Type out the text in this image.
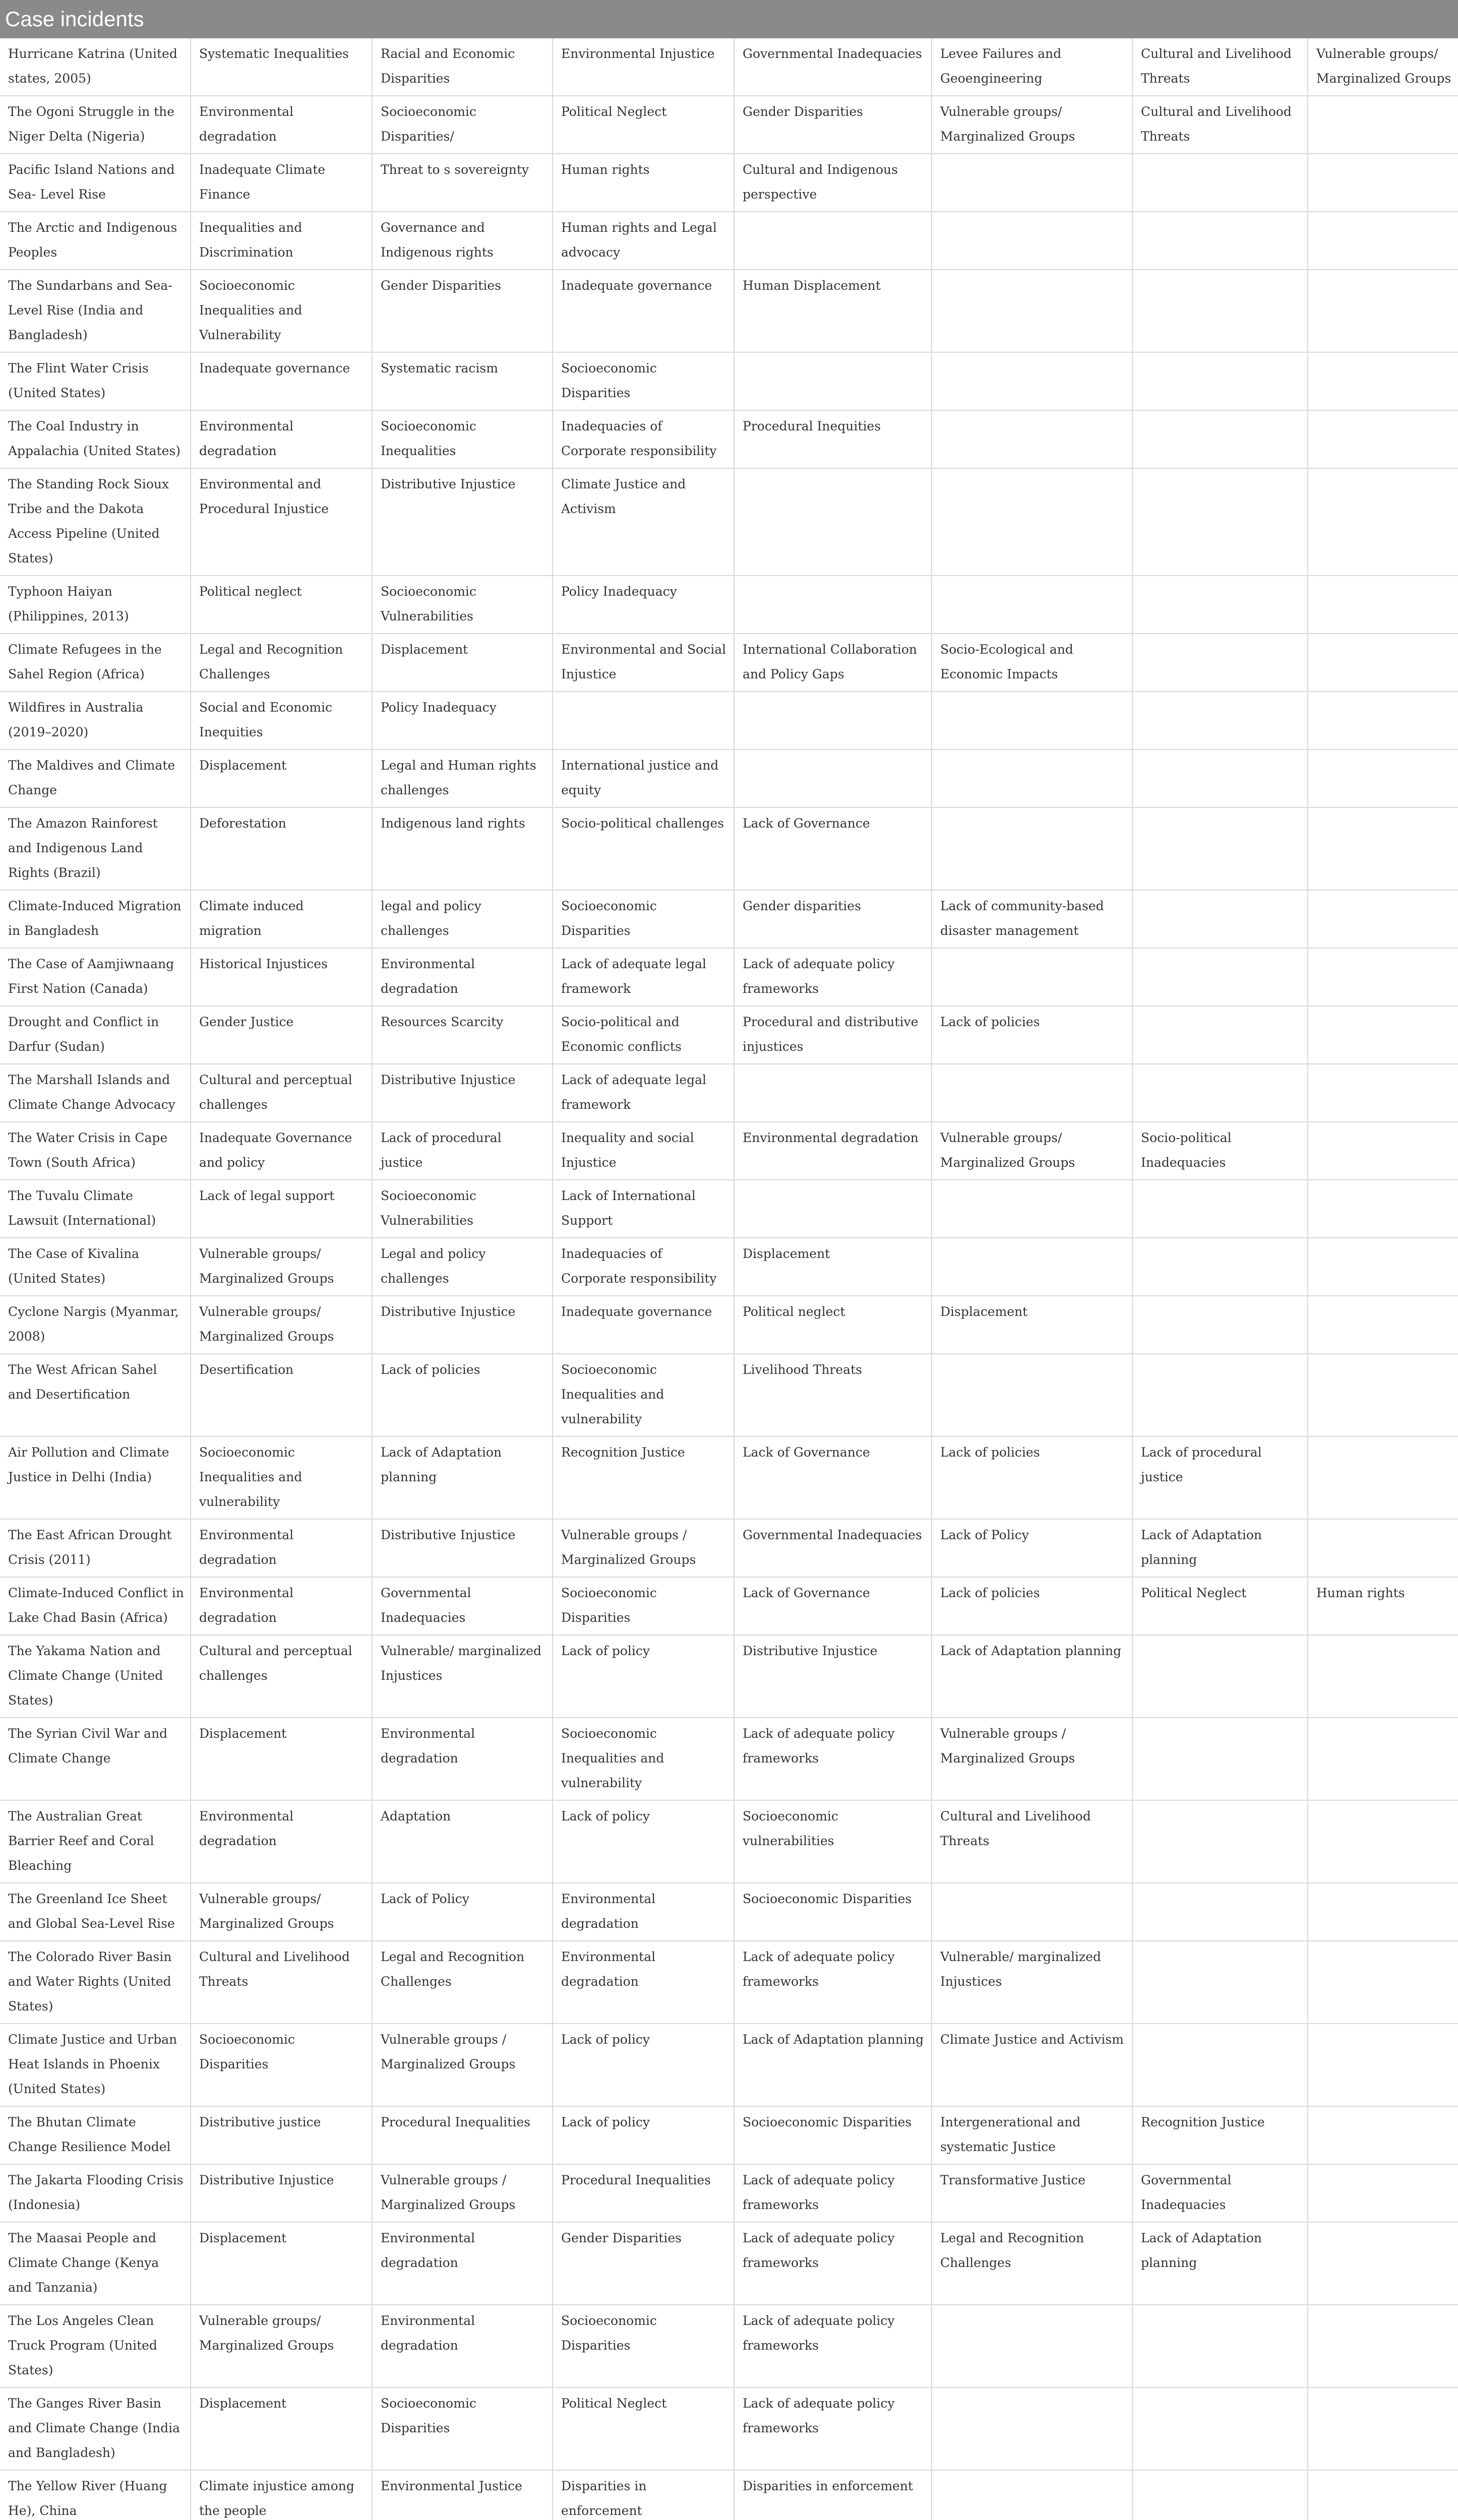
Case incidents
Hurricane Katrina (United states, 2005)	Systematic Inequalities	Racial and Economic Disparities	Environmental Injustice	Governmental Inadequacies	Levee Failures and Geoengineering	Cultural and Livelihood Threats	Vulnerable groups/ Marginalized Groups
The Ogoni Struggle in the Niger Delta (Nigeria)	Environmental degradation	Socioeconomic Disparities/	Political Neglect	Gender Disparities	Vulnerable groups/ Marginalized Groups	Cultural and Livelihood Threats	
Pacific Island Nations and Sea- Level Rise	Inadequate Climate Finance	Threat to s sovereignty	Human rights	Cultural and Indigenous perspective			
The Arctic and Indigenous Peoples	Inequalities and Discrimination	Governance and Indigenous rights	Human rights and Legal advocacy				
The Sundarbans and Sea-Level Rise (India and Bangladesh)	Socioeconomic Inequalities and Vulnerability	Gender Disparities	Inadequate governance	Human Displacement			
The Flint Water Crisis (United States)	Inadequate governance	Systematic racism	Socioeconomic Disparities				
The Coal Industry in Appalachia (United States)	Environmental degradation	Socioeconomic Inequalities	Inadequacies of Corporate responsibility	Procedural Inequities			
The Standing Rock Sioux Tribe and the Dakota Access Pipeline (United States)	Environmental and Procedural Injustice	Distributive Injustice	Climate Justice and Activism				
Typhoon Haiyan (Philippines, 2013)	Political neglect	Socioeconomic Vulnerabilities	Policy Inadequacy				
Climate Refugees in the Sahel Region (Africa)	Legal and Recognition Challenges	Displacement	Environmental and Social Injustice	International Collaboration and Policy Gaps	Socio-Ecological and Economic Impacts		
Wildfires in Australia (2019–2020)	Social and Economic Inequities	Policy Inadequacy					
The Maldives and Climate Change	Displacement	Legal and Human rights challenges	International justice and equity				
The Amazon Rainforest and Indigenous Land Rights (Brazil)	Deforestation	Indigenous land rights	Socio-political challenges	Lack of Governance			
Climate-Induced Migration in Bangladesh	Climate induced migration	legal and policy challenges	Socioeconomic Disparities	Gender disparities	Lack of community-based disaster management		
The Case of Aamjiwnaang First Nation (Canada)	Historical Injustices	Environmental degradation	Lack of adequate legal framework	Lack of adequate policy frameworks			
Drought and Conflict in Darfur (Sudan)	Gender Justice	Resources Scarcity	Socio-political and Economic conflicts	Procedural and distributive injustices	Lack of policies		
The Marshall Islands and Climate Change Advocacy	Cultural and perceptual challenges	Distributive Injustice	Lack of adequate legal framework				
The Water Crisis in Cape Town (South Africa)	Inadequate Governance and policy	Lack of procedural justice	Inequality and social Injustice	Environmental degradation	Vulnerable groups/ Marginalized Groups	Socio-political Inadequacies	
The Tuvalu Climate Lawsuit (International)	Lack of legal support	Socioeconomic Vulnerabilities	Lack of International Support				
The Case of Kivalina (United States)	Vulnerable groups/ Marginalized Groups	Legal and policy challenges	Inadequacies of Corporate responsibility	Displacement			
Cyclone Nargis (Myanmar, 2008)	Vulnerable groups/ Marginalized Groups	Distributive Injustice	Inadequate governance	Political neglect	Displacement		
The West African Sahel and Desertification	Desertification	Lack of policies	Socioeconomic Inequalities and vulnerability	Livelihood Threats			
Air Pollution and Climate Justice in Delhi (India)	Socioeconomic Inequalities and vulnerability	Lack of Adaptation planning	Recognition Justice	Lack of Governance	Lack of policies	Lack of procedural justice	
The East African Drought Crisis (2011)	Environmental degradation	Distributive Injustice	Vulnerable groups / Marginalized Groups	Governmental Inadequacies	Lack of Policy	Lack of Adaptation planning	
Climate-Induced Conflict in Lake Chad Basin (Africa)	Environmental degradation	Governmental Inadequacies	Socioeconomic Disparities	Lack of Governance	Lack of policies	Political Neglect	Human rights
The Yakama Nation and Climate Change (United States)	Cultural and perceptual challenges	Vulnerable/ marginalized Injustices	Lack of policy	Distributive Injustice	Lack of Adaptation planning		
The Syrian Civil War and Climate Change	Displacement	Environmental degradation	Socioeconomic Inequalities and vulnerability	Lack of adequate policy frameworks	Vulnerable groups / Marginalized Groups		
The Australian Great Barrier Reef and Coral Bleaching	Environmental degradation	Adaptation	Lack of policy	Socioeconomic vulnerabilities	Cultural and Livelihood Threats		
The Greenland Ice Sheet and Global Sea-Level Rise	Vulnerable groups/ Marginalized Groups	Lack of Policy	Environmental degradation	Socioeconomic Disparities			
The Colorado River Basin and Water Rights (United States)	Cultural and Livelihood Threats	Legal and Recognition Challenges	Environmental degradation	Lack of adequate policy frameworks	Vulnerable/ marginalized Injustices		
Climate Justice and Urban Heat Islands in Phoenix (United States)	Socioeconomic Disparities	Vulnerable groups / Marginalized Groups	Lack of policy	Lack of Adaptation planning	Climate Justice and Activism		
The Bhutan Climate Change Resilience Model	Distributive justice	Procedural Inequalities	Lack of policy	Socioeconomic Disparities	Intergenerational and systematic Justice	Recognition Justice	
The Jakarta Flooding Crisis (Indonesia)	Distributive Injustice	Vulnerable groups / Marginalized Groups	Procedural Inequalities	Lack of adequate policy frameworks	Transformative Justice	Governmental Inadequacies	
The Maasai People and Climate Change (Kenya and Tanzania)	Displacement	Environmental degradation	Gender Disparities	Lack of adequate policy frameworks	Legal and Recognition Challenges	Lack of Adaptation planning	
The Los Angeles Clean Truck Program (United States)	Vulnerable groups/ Marginalized Groups	Environmental degradation	Socioeconomic Disparities	Lack of adequate policy frameworks			
The Ganges River Basin and Climate Change (India and Bangladesh)	Displacement	Socioeconomic Disparities	Political Neglect	Lack of adequate policy frameworks			
The Yellow River (Huang He), China	Climate injustice among the people	Environmental Justice	Disparities in enforcement	Disparities in enforcement			
